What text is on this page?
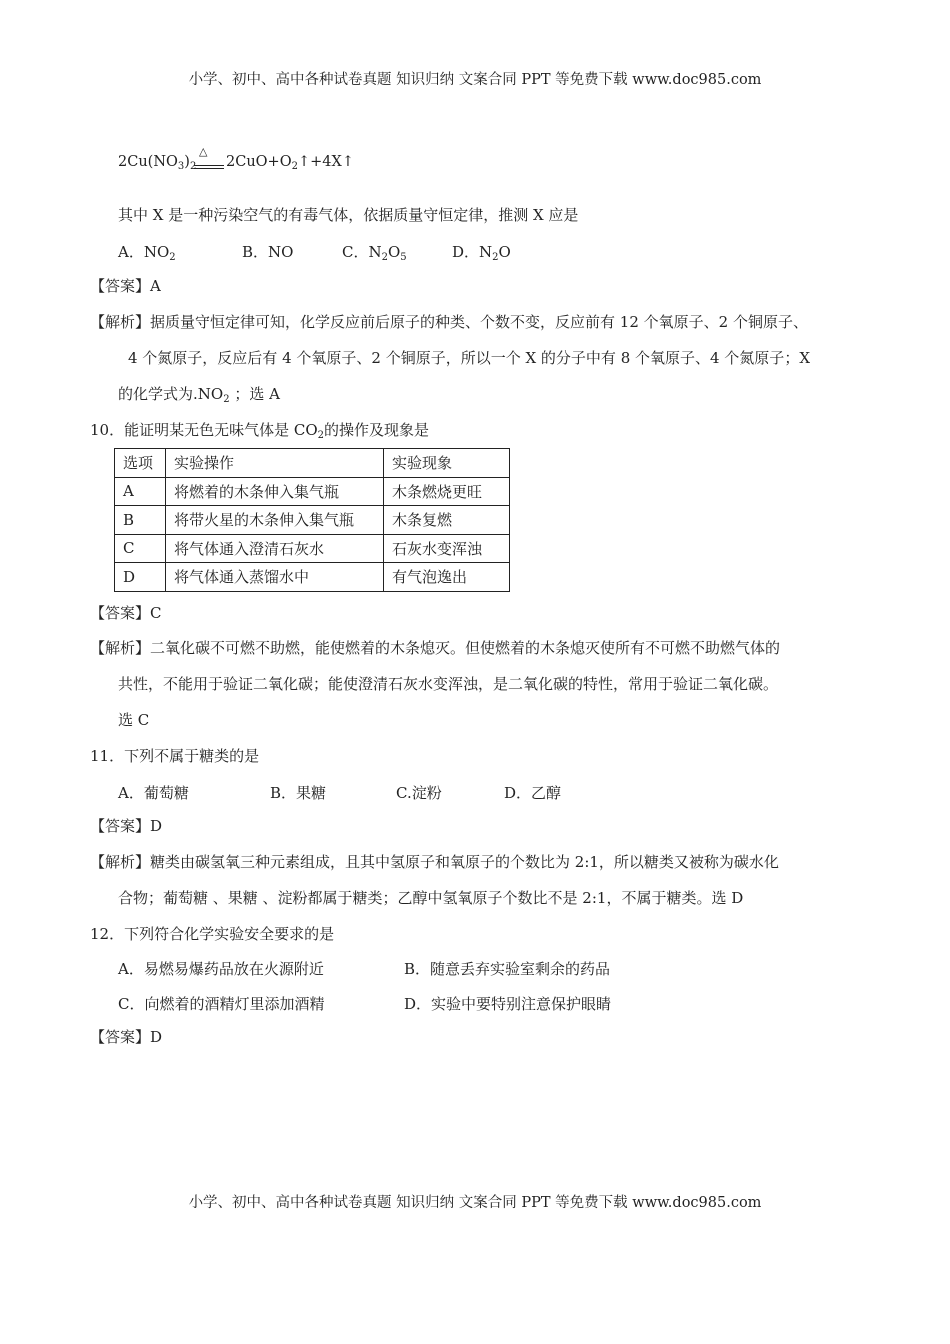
小学、初中、高中各种试卷真题 知识归纳 文案合同 PPT 等免费下载 www.doc985.com
$2Cu(NO_3)_2$
△
$2CuO+O_2↑+4X↑$
其中 X 是一种污染空气的有毒气体，依据质量守恒定律，推测 X 应是
A．$NO_2$	B．NO	C．$N_2O_5$	D．$N_2O$
【答案】A
【解析】据质量守恒定律可知，化学反应前后原子的种类、个数不变，反应前有 12 个氧原子、2 个铜原子、
4 个氮原子，反应后有 4 个氧原子、2 个铜原子，所以一个 X 的分子中有 8 个氧原子、4 个氮原子；X
的化学式为$.NO_2$ ；选 A
10．能证明某无色无味气体是 $CO_2$的操作及现象是
选项	实验操作	实验现象
A	将燃着的木条伸入集气瓶	木条燃烧更旺
B	将带火星的木条伸入集气瓶	木条复燃
C	将气体通入澄清石灰水	石灰水变浑浊
D	将气体通入蒸馏水中	有气泡逸出
【答案】C
【解析】二氧化碳不可燃不助燃，能使燃着的木条熄灭。但使燃着的木条熄灭使所有不可燃不助燃气体的
共性，不能用于验证二氧化碳；能使澄清石灰水变浑浊，是二氧化碳的特性，常用于验证二氧化碳。
选 C
11．下列不属于糖类的是
A．葡萄糖	B．果糖	C.淀粉	D．乙醇
【答案】D
【解析】糖类由碳氢氧三种元素组成，且其中氢原子和氧原子的个数比为 2:1，所以糖类又被称为碳水化
合物；葡萄糖 、果糖 、淀粉都属于糖类；乙醇中氢氧原子个数比不是 2:1，不属于糖类。选 D
12．下列符合化学实验安全要求的是
A．易燃易爆药品放在火源附近	B．随意丢弃实验室剩余的药品
C．向燃着的酒精灯里添加酒精	D．实验中要特别注意保护眼睛
【答案】D
小学、初中、高中各种试卷真题 知识归纳 文案合同 PPT 等免费下载 www.doc985.com
